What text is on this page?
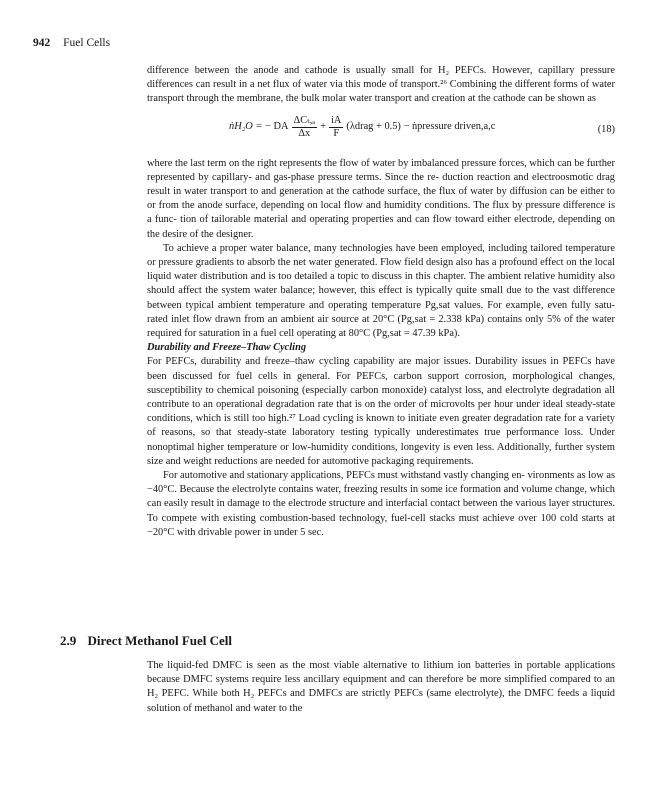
942 Fuel Cells

difference between the anode and cathode is usually small for H₂ PEFCs. However, capillary pressure differences can result in a net flux of water via this mode of transport.²⁶ Combining the different forms of water transport through the membrane, the bulk molar water transport and creation at the cathode can be shown as

ṅH₂O =
− DA $\frac{\text{ΔCₜ,ₐ}}{\Delta x} + \frac{iA}{F}$ (λdrag + 0.5) − ṅpressure driven,a,c	(18)

where the last term on the right represents the flow of water by imbalanced pressure forces, which can be further represented by capillary- and gas-phase pressure terms. Since the re- duction reaction and electroosmotic drag result in water transport to and generation at the cathode surface, the flux of water by diffusion can be either to or from the anode surface, depending on local flow and humidity conditions. The flux by pressure difference is a func- tion of tailorable material and operating properties and can flow toward either electrode, depending on the desire of the designer.

To achieve a proper water balance, many technologies have been employed, including tailored temperature or pressure gradients to absorb the net water generated. Flow field design also has a profound effect on the local liquid water distribution and is too detailed a topic to discuss in this chapter. The ambient relative humidity also should affect the system water balance; however, this effect is typically quite small due to the vast difference between typical ambient temperature and operating temperature Pg,sat values. For example, even fully satu- rated inlet flow drawn from an ambient air source at 20°C (Pg,sat = 2.338 kPa) contains only 5% of the water required for saturation in a fuel cell operating at 80°C (Pg,sat = 47.39 kPa).

Durability and Freeze–Thaw Cycling

For PEFCs, durability and freeze–thaw cycling capability are major issues. Durability issues in PEFCs have been discussed for fuel cells in general. For PEFCs, carbon support corrosion, morphological changes, susceptibility to chemical poisoning (especially carbon monoxide) catalyst loss, and electrolyte degradation all contribute to an operational degradation rate that is on the order of microvolts per hour under ideal steady-state conditions, which is still too high.²⁷ Load cycling is known to initiate even greater degradation rate for a variety of reasons, so that steady-state laboratory testing typically underestimates true performance loss. Under nonoptimal higher temperature or low-humidity conditions, longevity is even less. Additionally, further system size and weight reductions are needed for automotive packaging requirements.

For automotive and stationary applications, PEFCs must withstand vastly changing en- vironments as low as −40°C. Because the electrolyte contains water, freezing results in some ice formation and volume change, which can easily result in damage to the electrode structure and interfacial contact between the various layer structures. To compete with existing combustion-based technology, fuel-cell stacks must achieve over 100 cold starts at −20°C with drivable power in under 5 sec.

2.9 Direct Methanol Fuel Cell

The liquid-fed DMFC is seen as the most viable alternative to lithium ion batteries in portable applications because DMFC systems require less ancillary equipment and can therefore be more simplified compared to an H₂ PEFC. While both H₂ PEFCs and DMFCs are strictly PEFCs (same electrolyte), the DMFC feeds a liquid solution of methanol and water to the
